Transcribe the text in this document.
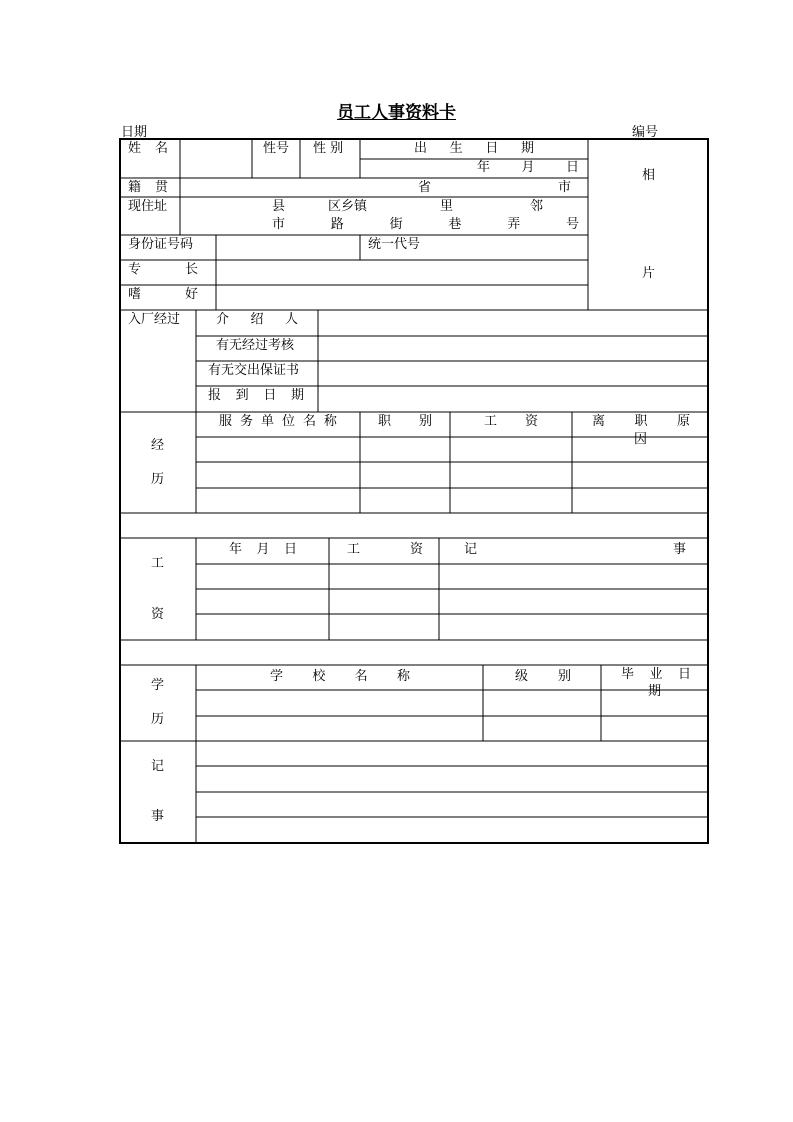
员工人事资料卡
日期	编号
姓 名	性号 性 别	出 生 日 期
年 月 日
籍 贯	省	市
现住址	县	区乡镇	里	邻
市	路	街	巷	弄	号
身份证号码	统一代号
专	长
嗜	好
相
片
入厂经过	介 绍 人
有无经过考核
有无交出保证书
报 到 日 期
经
历
服 务 单 位 名 称	职 别	工 资	离 职 原
因
工
资
年 月 日	工	资	记	事
学
历
学 校 名 称	级 别	毕 业 日
期
记
事
